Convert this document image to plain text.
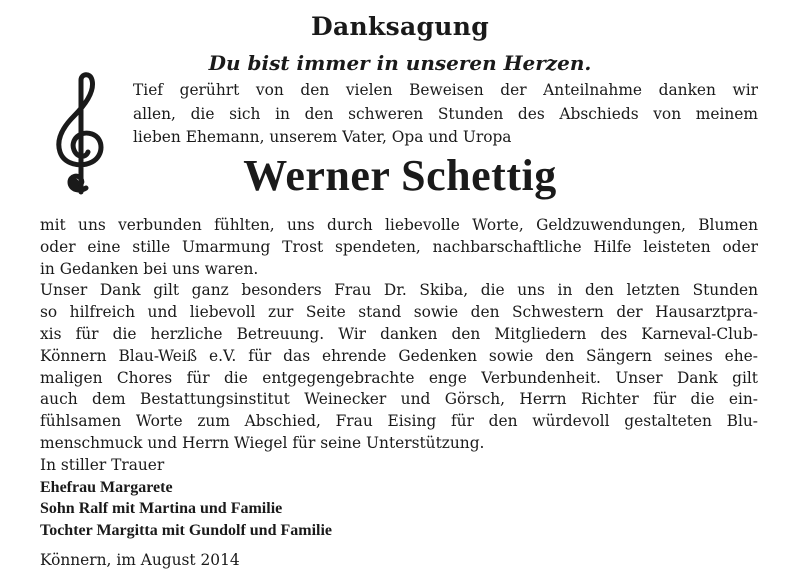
Danksagung
Du bist immer in unseren Herzen.
Tief gerührt von den vielen Beweisen der Anteilnahme danken wir
allen, die sich in den schweren Stunden des Abschieds von meinem
lieben Ehemann, unserem Vater, Opa und Uropa
Werner Schettig
mit uns verbunden fühlten, uns durch liebevolle Worte, Geldzuwendungen, Blumen
oder eine stille Umarmung Trost spendeten, nachbarschaftliche Hilfe leisteten oder
in Gedanken bei uns waren.
Unser Dank gilt ganz besonders Frau Dr. Skiba, die uns in den letzten Stunden
so hilfreich und liebevoll zur Seite stand sowie den Schwestern der Hausarztpra-
xis für die herzliche Betreuung. Wir danken den Mitgliedern des Karneval-Club-
Könnern Blau-Weiß e.V. für das ehrende Gedenken sowie den Sängern seines ehe-
maligen Chores für die entgegengebrachte enge Verbundenheit. Unser Dank gilt
auch dem Bestattungsinstitut Weinecker und Görsch, Herrn Richter für die ein-
fühlsamen Worte zum Abschied, Frau Eising für den würdevoll gestalteten Blu-
menschmuck und Herrn Wiegel für seine Unterstützung.
In stiller Trauer
Ehefrau Margarete
Sohn Ralf mit Martina und Familie
Tochter Margitta mit Gundolf und Familie
Könnern, im August 2014
